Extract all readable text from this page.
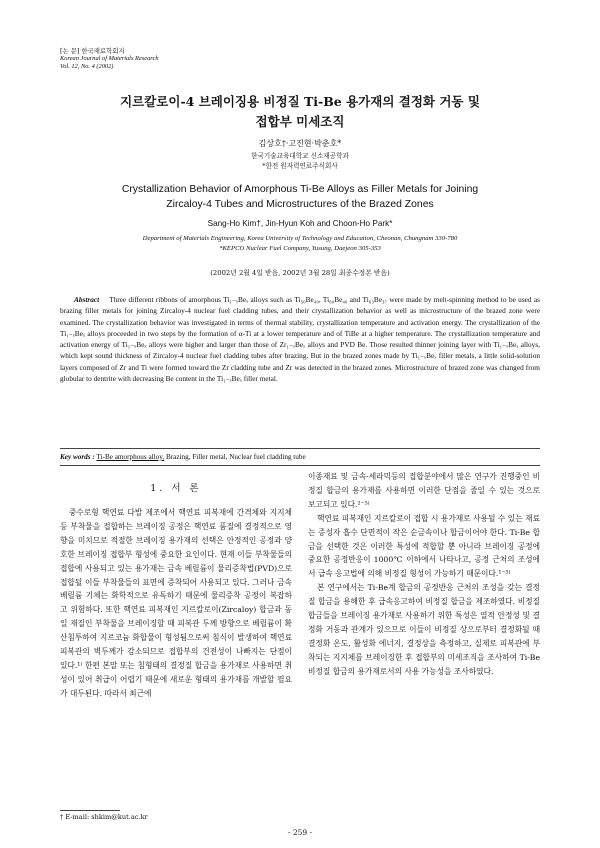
[논 문] 한국재료학회지
Korean Journal of Materials Research
Vol. 12, No. 4 (2002)
지르칼로이-4 브레이징용 비정질 Ti-Be 용가재의 결정화 거동 및
접합부 미세조직
김상호†·고진현·박춘호*
한국기술교육대학교 신소재공학과
*한전 원자력연료주식회사
Crystallization Behavior of Amorphous Ti-Be Alloys as Filler Metals for Joining
Zircaloy-4 Tubes and Microstructures of the Brazed Zones
Sang-Ho Kim†, Jin-Hyun Koh and Choon-Ho Park*
Department of Materials Engineering, Korea University of Technology and Education, Cheonan, Chungnam 330-780
*KEPCO Nuclear Fuel Company, Yusung, Daejeon 305-353
(2002년 2월 4일 받음, 2002년 3월 28일 최종수정본 받음)
Abstract Three different ribbons of amorphous Ti₁₋ₓBeₓ alloys such as Ti₅₀Be₄₀, Ti₆₀Be₄₀ and Ti₆₃Be₃₇ were made by melt-spinning method to be used as brazing filler metals for joining Zircaloy-4 nuclear fuel cladding tubes, and their crystallization behavior as well as microstructure of the brazed zone were examined. The crystallization behavior was investigated in terms of thermal stability, crystallization temperature and activation energy. The crystallization of the Ti₁₋ₓBeₓ alloys proceeded in two steps by the formation of α-Ti at a lower temperature and of TiBe at a higher temperature. The crystallization temperature and activation energy of Ti₁₋ₓBeₓ alloys were higher and larger than those of Zr₁₋ₓBeₓ alloys and PVD Be. Those resulted thinner joining layer with Ti₁₋ₓBeₓ alloys, which kept sound thickness of Zircaloy-4 nuclear fuel cladding tubes after brazing. But in the brazed zones made by Ti₁₋ₓBeₓ filler metals, a little solid-solution layers composed of Zr and Ti were formed toward the Zr cladding tube and Zr was detected in the brazed zones. Microstructure of brazed zone was changed from globular to dentrite with decreasing Be content in the Ti₁₋ₓBeₓ filler metal.
Key words : Ti-Be amorphous alloy, Brazing, Filler metal, Nuclear fuel cladding tube
1. 서 론

중수로형 핵연료 다발 제조에서 핵연료 피복재에 간격체와 지지체 등 부착물을 접합하는 브레이징 공정은 핵연료 품질에 결정적으로 영향을 미치므로 적절한 브레이징 용가재의 선택은 안정적인 공정과 양호한 브레이징 접합부 형성에 중요한 요인이다. 현재 이들 부착물들의 접합에 사용되고 있는 용가재는 금속 베릴륨이 물리증착법(PVD)으로 접합될 이들 부착물들의 표면에 증착되어 사용되고 있다. 그러나 금속 베릴륨 기체는 화학적으로 유독하기 때문에 물리증착 공정이 복잡하고 위험하다. 또한 핵연료 피복재인 지르칼로이(Zircaloy) 합금과 동일 재질인 부착물을 브레이징할 때 피복관 두께 방향으로 베릴륨이 확산침투하여 지르코늄 화합물이 형성됨으로써 침식이 발생하여 핵연료 피복관의 벽두께가 감소되므로 접합부의 건전성이 나빠지는 단점이 있다.¹⁾ 한편 본말 또는 침형태의 결정질 합금을 용가재로 사용하면 취성이 있어 취급이 어렵기 때문에 새로운 형태의 용가재를 개발할 필요가 대두된다. 따라서 최근에

이종재료 및 금속-세라믹등의 접합분야에서 많은 연구가 진행중인 비정질 합금의 용가재를 사용하면 이러한 단점을 줄일 수 있는 것으로 보고되고 있다.²⁻⁵⁾

핵연료 피복재인 지르칼로이 접합 시 용가재로 사용될 수 있는 재료는 증성자 흡수 단면적이 작은 순금속이나 합금이어야 한다. Ti-Be 합금을 선택한 것은 이러한 특성에 적합할 뿐 아니라 브레이징 공정에 중요한 공정반응이 1000℃ 이하에서 나타나고, 공정 근처의 조성에서 급속 응고법에 의해 비정질 형성이 가능하기 때문이다.¹⁻⁵⁾

본 연구에서는 Ti-Be계 합금의 공정반응 근처의 조성을 갖는 결정질 합금을 용해한 후 급속응고하여 비정질 합금을 제조하였다. 비정질 합금들을 브레이징 용가재로 사용하기 위한 특성은 열적 안정성 및 결정화 거동과 관계가 있으므로 이들이 비정질 상으로부터 결정화될 때 결정화 온도, 활성화 에너지, 결정상을 측정하고, 실제로 피복관에 부착되는 지지체를 브레이징한 후 접합부의 미세조직을 조사하여 Ti-Be 비정질 합금의 용가재로서의 사용 가능성을 조사하였다.

† E-mail: shkim@kut.ac.kr
- 259 -
